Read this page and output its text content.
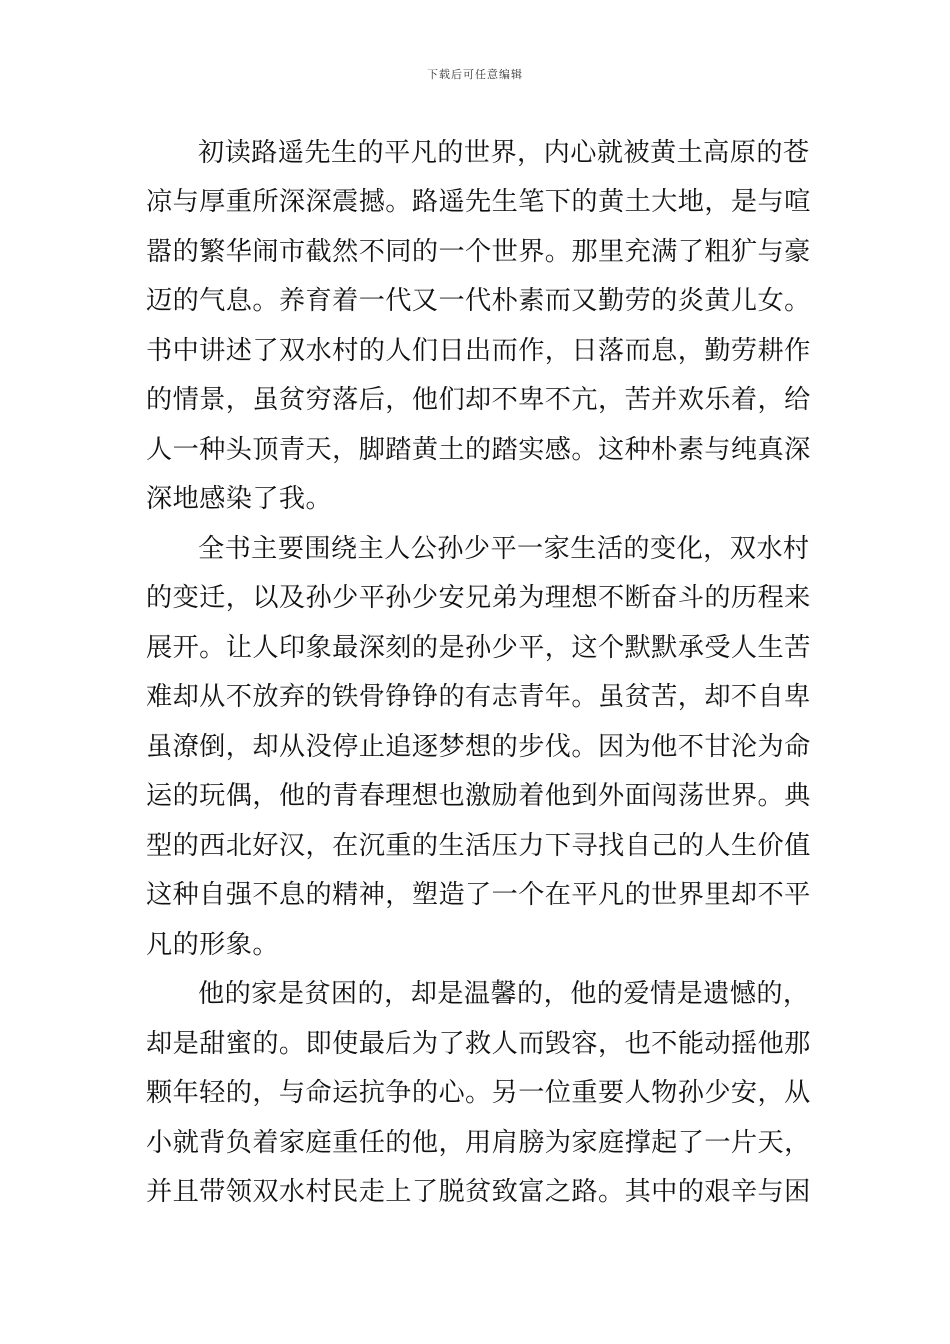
下载后可任意编辑
初读路遥先生的平凡的世界，内心就被黄土高原的苍
凉与厚重所深深震撼。路遥先生笔下的黄土大地，是与喧
嚣的繁华闹市截然不同的一个世界。那里充满了粗犷与豪
迈的气息。养育着一代又一代朴素而又勤劳的炎黄儿女。
书中讲述了双水村的人们日出而作，日落而息，勤劳耕作
的情景，虽贫穷落后，他们却不卑不亢，苦并欢乐着，给
人一种头顶青天，脚踏黄土的踏实感。这种朴素与纯真深
深地感染了我。
全书主要围绕主人公孙少平一家生活的变化，双水村
的变迁，以及孙少平孙少安兄弟为理想不断奋斗的历程来
展开。让人印象最深刻的是孙少平，这个默默承受人生苦
难却从不放弃的铁骨铮铮的有志青年。虽贫苦，却不自卑
虽潦倒，却从没停止追逐梦想的步伐。因为他不甘沦为命
运的玩偶，他的青春理想也激励着他到外面闯荡世界。典
型的西北好汉，在沉重的生活压力下寻找自己的人生价值
这种自强不息的精神，塑造了一个在平凡的世界里却不平
凡的形象。
他的家是贫困的，却是温馨的，他的爱情是遗憾的，
却是甜蜜的。即使最后为了救人而毁容，也不能动摇他那
颗年轻的，与命运抗争的心。另一位重要人物孙少安，从
小就背负着家庭重任的他，用肩膀为家庭撑起了一片天，
并且带领双水村民走上了脱贫致富之路。其中的艰辛与困
